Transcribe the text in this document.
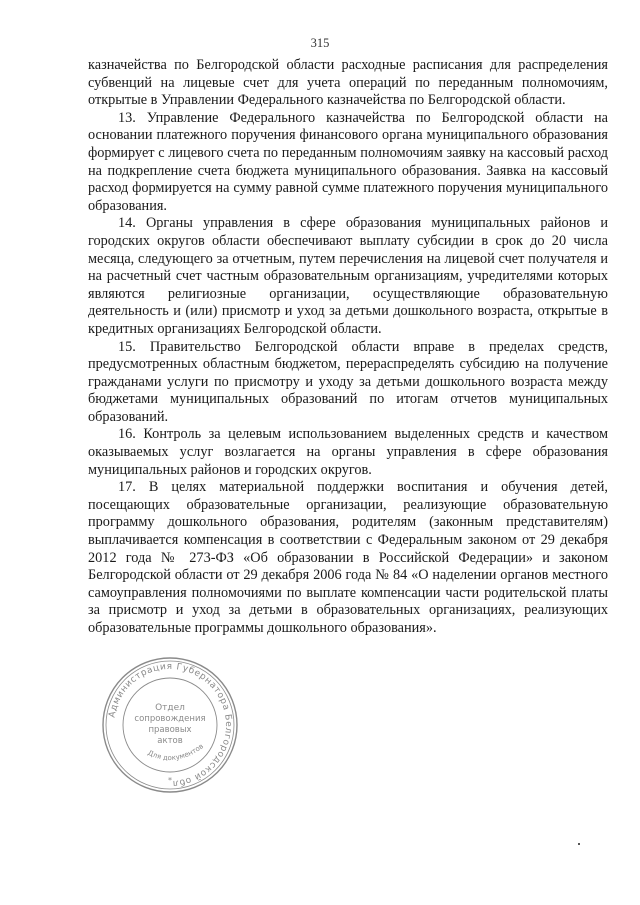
315

казначейства по Белгородской области расходные расписания для распределения субвенций на лицевые счет для учета операций по переданным полномочиям, открытые в Управлении Федерального казначейства по Белгородской области.

13. Управление Федерального казначейства по Белгородской области на основании платежного поручения финансового органа муниципального образования формирует с лицевого счета по переданным полномочиям заявку на кассовый расход на подкрепление счета бюджета муниципального образования. Заявка на кассовый расход формируется на сумму равной сумме платежного поручения муниципального образования.

14. Органы управления в сфере образования муниципальных районов и городских округов области обеспечивают выплату субсидии в срок до 20 числа месяца, следующего за отчетным, путем перечисления на лицевой счет получателя и на расчетный счет частным образовательным организациям, учредителями которых являются религиозные организации, осуществляющие образовательную деятельность и (или) присмотр и уход за детьми дошкольного возраста, открытые в кредитных организациях Белгородской области.

15. Правительство Белгородской области вправе в пределах средств, предусмотренных областным бюджетом, перераспределять субсидию на получение гражданами услуги по присмотру и уходу за детьми дошкольного возраста между бюджетами муниципальных образований по итогам отчетов муниципальных образований.

16. Контроль за целевым использованием выделенных средств и качеством оказываемых услуг возлагается на органы управления в сфере образования муниципальных районов и городских округов.

17. В целях материальной поддержки воспитания и обучения детей, посещающих образовательные организации, реализующие образовательную программу дошкольного образования, родителям (законным представителям) выплачивается компенсация в соответствии с Федеральным законом от 29 декабря 2012 года № 273-ФЗ «Об образовании в Российской Федерации» и законом Белгородской области от 29 декабря 2006 года № 84 «О наделении органов местного самоуправления полномочиями по выплате компенсации части родительской платы за присмотр и уход за детьми в образовательных организациях, реализующих образовательные программы дошкольного образования».

Администрация Губернатора Белгородской обл
Отдел
сопровождения
правовых
актов
Для документов
*
